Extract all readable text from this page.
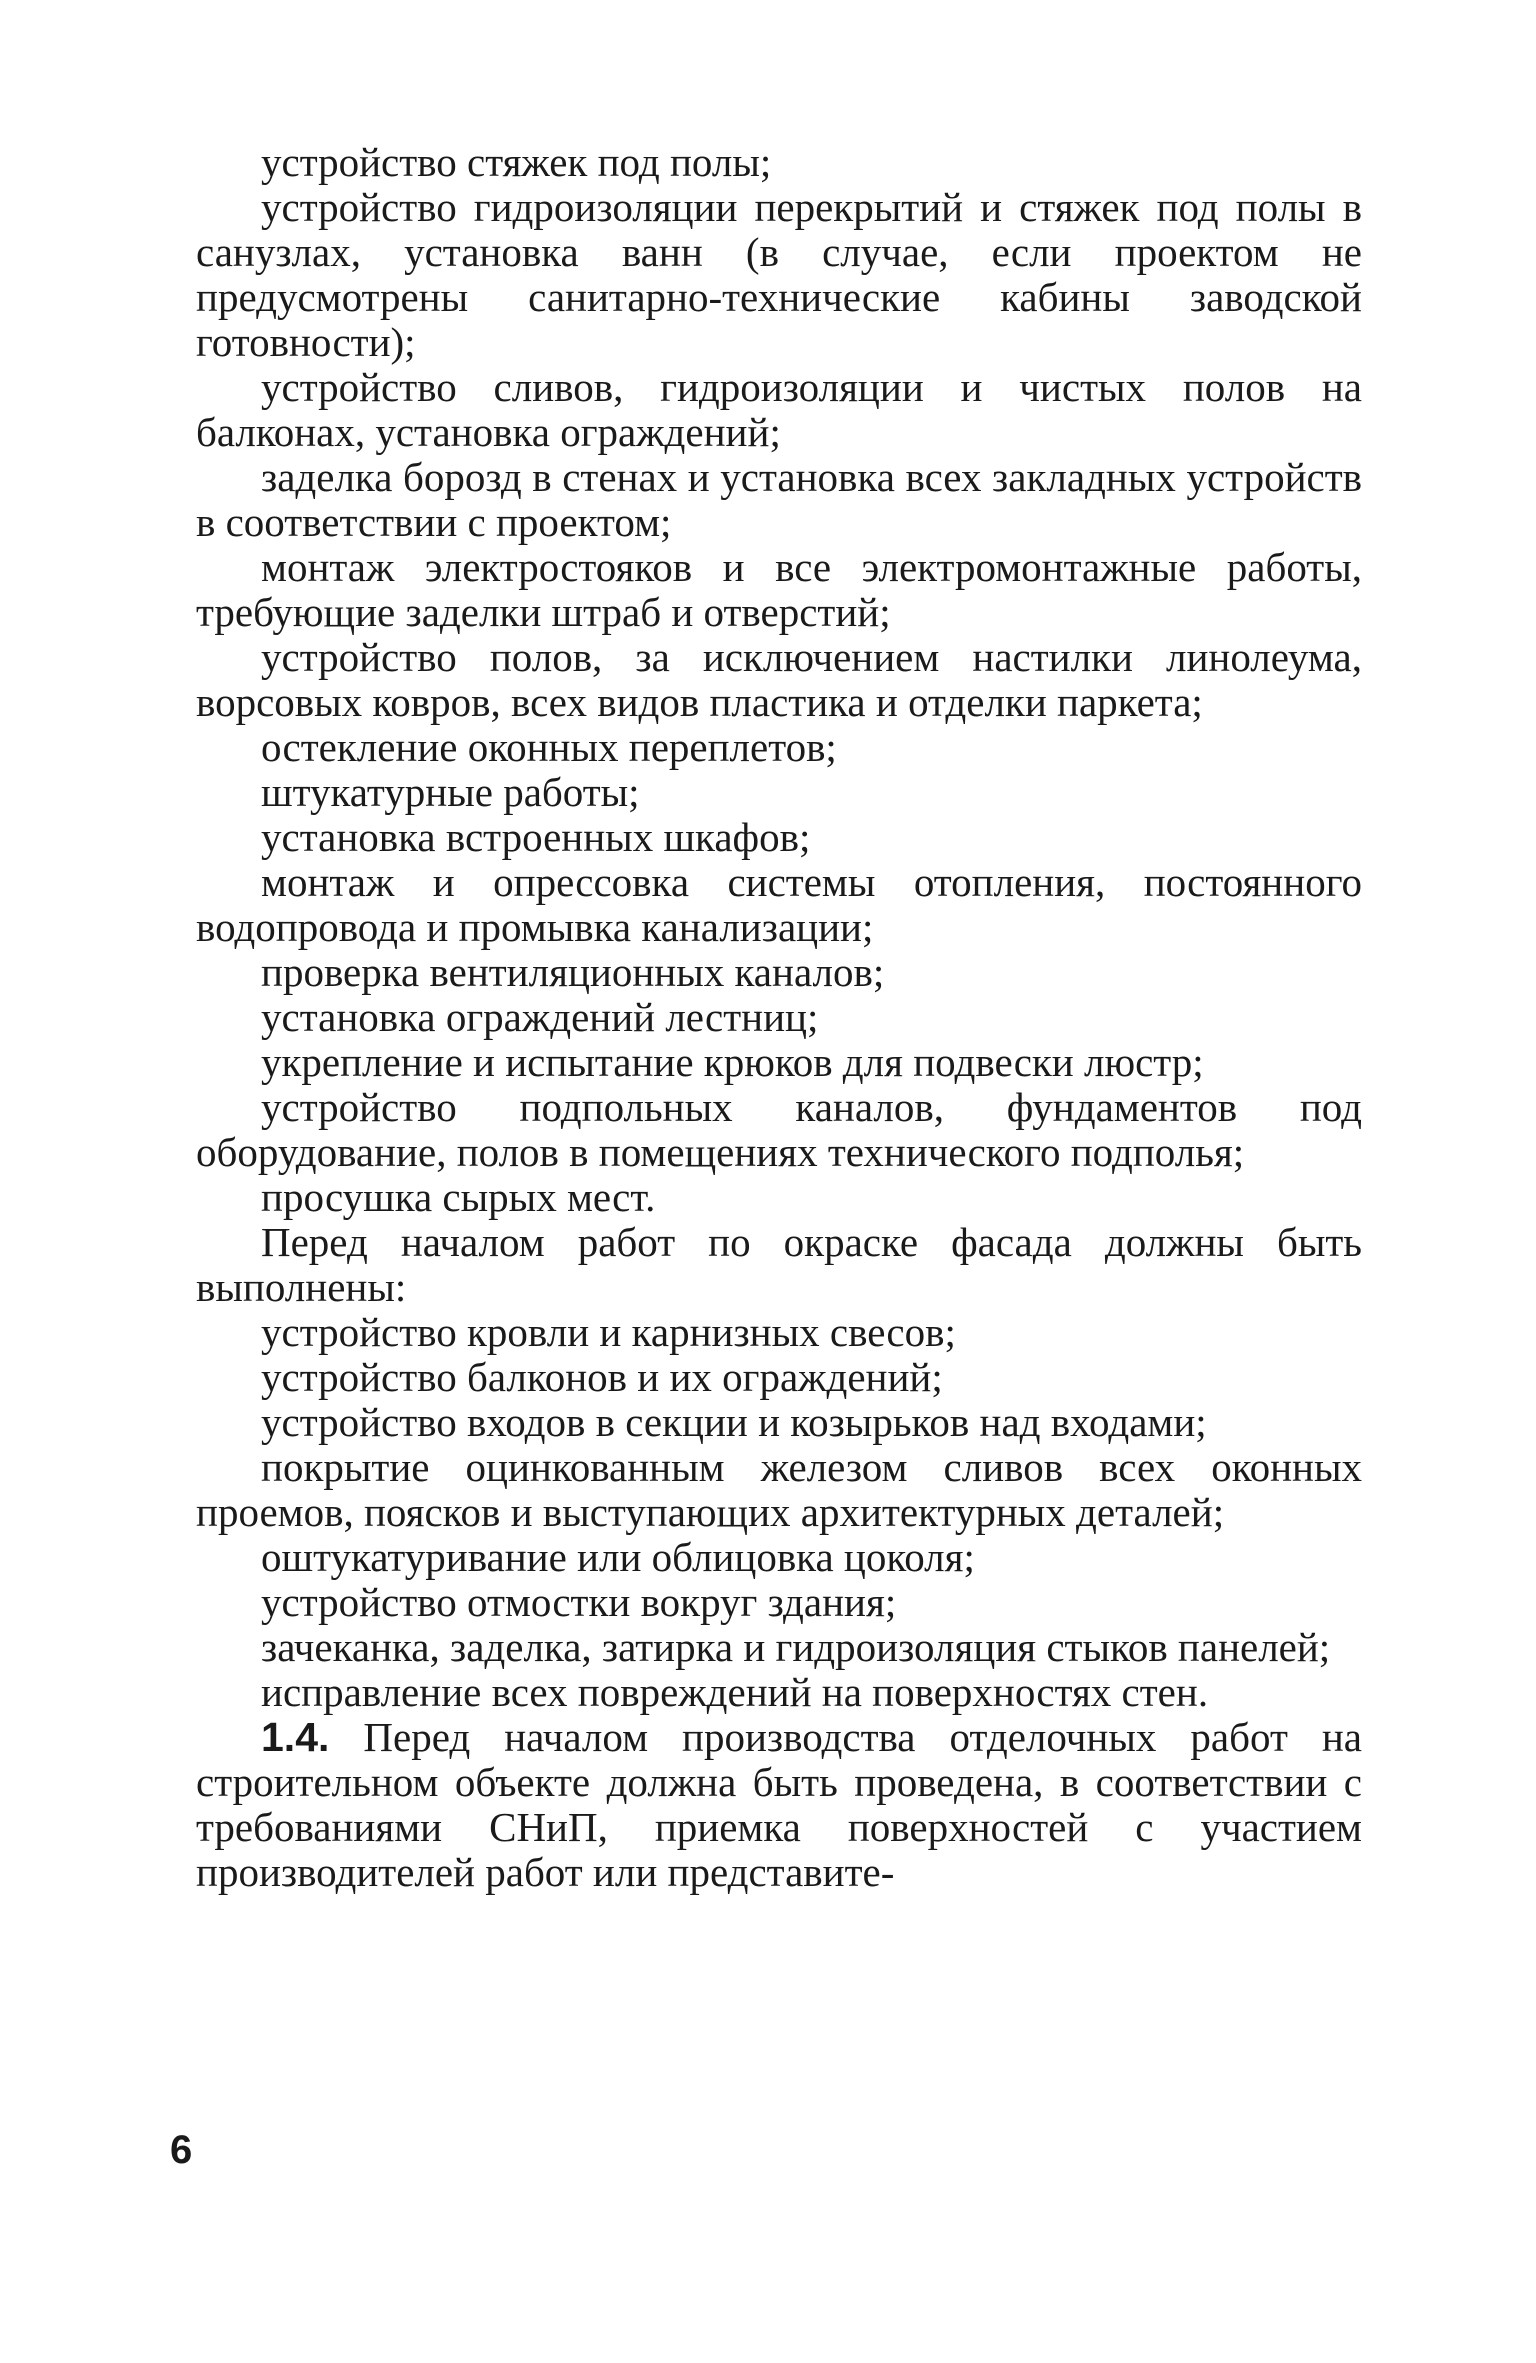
устройство стяжек под полы;

устройство гидроизоляции перекрытий и стяжек под полы в санузлах, установка ванн (в случае, если проектом не предусмотрены санитарно-технические кабины заводской готовности);

устройство сливов, гидроизоляции и чистых полов на балконах, установка ограждений;

заделка борозд в стенах и установка всех закладных устройств в соответствии с проектом;

монтаж электростояков и все электромонтажные работы, требующие заделки штраб и отверстий;

устройство полов, за исключением настилки линолеума, ворсовых ковров, всех видов пластика и отделки паркета;

остекление оконных переплетов;

штукатурные работы;

установка встроенных шкафов;

монтаж и опрессовка системы отопления, постоянного водопровода и промывка канализации;

проверка вентиляционных каналов;

установка ограждений лестниц;

укрепление и испытание крюков для подвески люстр;

устройство подпольных каналов, фундаментов под оборудование, полов в помещениях технического подполья;

просушка сырых мест.

Перед началом работ по окраске фасада должны быть выполнены:

устройство кровли и карнизных свесов;

устройство балконов и их ограждений;

устройство входов в секции и козырьков над входами;

покрытие оцинкованным железом сливов всех оконных проемов, поясков и выступающих архитектурных деталей;

оштукатуривание или облицовка цоколя;

устройство отмостки вокруг здания;

зачеканка, заделка, затирка и гидроизоляция стыков панелей;

исправление всех повреждений на поверхностях стен.

1.4. Перед началом производства отделочных работ на строительном объекте должна быть проведена, в соответствии с требованиями СНиП, приемка поверхностей с участием производителей работ или представите-

6
